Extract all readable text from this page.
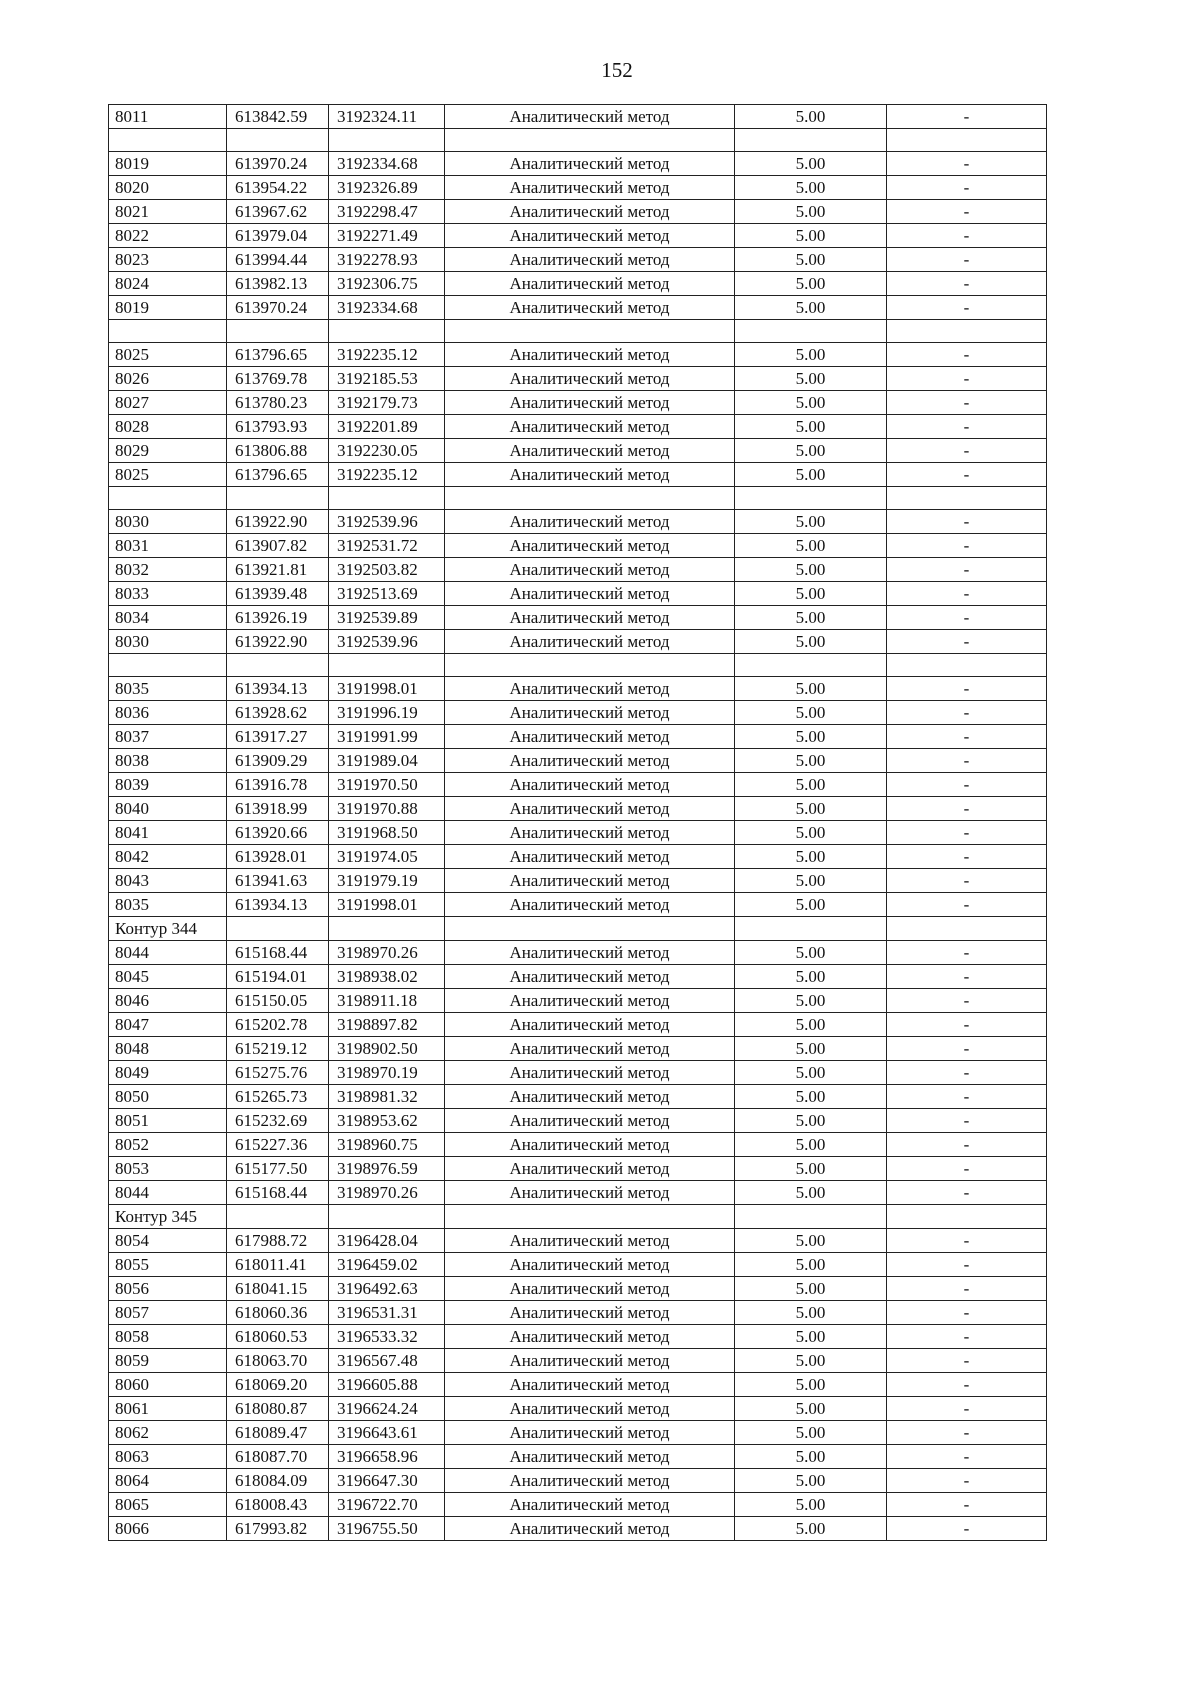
152
8011	613842.59	3192324.11	Аналитический метод	5.00	-

8019	613970.24	3192334.68	Аналитический метод	5.00	-
8020	613954.22	3192326.89	Аналитический метод	5.00	-
8021	613967.62	3192298.47	Аналитический метод	5.00	-
8022	613979.04	3192271.49	Аналитический метод	5.00	-
8023	613994.44	3192278.93	Аналитический метод	5.00	-
8024	613982.13	3192306.75	Аналитический метод	5.00	-
8019	613970.24	3192334.68	Аналитический метод	5.00	-

8025	613796.65	3192235.12	Аналитический метод	5.00	-
8026	613769.78	3192185.53	Аналитический метод	5.00	-
8027	613780.23	3192179.73	Аналитический метод	5.00	-
8028	613793.93	3192201.89	Аналитический метод	5.00	-
8029	613806.88	3192230.05	Аналитический метод	5.00	-
8025	613796.65	3192235.12	Аналитический метод	5.00	-

8030	613922.90	3192539.96	Аналитический метод	5.00	-
8031	613907.82	3192531.72	Аналитический метод	5.00	-
8032	613921.81	3192503.82	Аналитический метод	5.00	-
8033	613939.48	3192513.69	Аналитический метод	5.00	-
8034	613926.19	3192539.89	Аналитический метод	5.00	-
8030	613922.90	3192539.96	Аналитический метод	5.00	-

8035	613934.13	3191998.01	Аналитический метод	5.00	-
8036	613928.62	3191996.19	Аналитический метод	5.00	-
8037	613917.27	3191991.99	Аналитический метод	5.00	-
8038	613909.29	3191989.04	Аналитический метод	5.00	-
8039	613916.78	3191970.50	Аналитический метод	5.00	-
8040	613918.99	3191970.88	Аналитический метод	5.00	-
8041	613920.66	3191968.50	Аналитический метод	5.00	-
8042	613928.01	3191974.05	Аналитический метод	5.00	-
8043	613941.63	3191979.19	Аналитический метод	5.00	-
8035	613934.13	3191998.01	Аналитический метод	5.00	-
Контур 344					
8044	615168.44	3198970.26	Аналитический метод	5.00	-
8045	615194.01	3198938.02	Аналитический метод	5.00	-
8046	615150.05	3198911.18	Аналитический метод	5.00	-
8047	615202.78	3198897.82	Аналитический метод	5.00	-
8048	615219.12	3198902.50	Аналитический метод	5.00	-
8049	615275.76	3198970.19	Аналитический метод	5.00	-
8050	615265.73	3198981.32	Аналитический метод	5.00	-
8051	615232.69	3198953.62	Аналитический метод	5.00	-
8052	615227.36	3198960.75	Аналитический метод	5.00	-
8053	615177.50	3198976.59	Аналитический метод	5.00	-
8044	615168.44	3198970.26	Аналитический метод	5.00	-
Контур 345					
8054	617988.72	3196428.04	Аналитический метод	5.00	-
8055	618011.41	3196459.02	Аналитический метод	5.00	-
8056	618041.15	3196492.63	Аналитический метод	5.00	-
8057	618060.36	3196531.31	Аналитический метод	5.00	-
8058	618060.53	3196533.32	Аналитический метод	5.00	-
8059	618063.70	3196567.48	Аналитический метод	5.00	-
8060	618069.20	3196605.88	Аналитический метод	5.00	-
8061	618080.87	3196624.24	Аналитический метод	5.00	-
8062	618089.47	3196643.61	Аналитический метод	5.00	-
8063	618087.70	3196658.96	Аналитический метод	5.00	-
8064	618084.09	3196647.30	Аналитический метод	5.00	-
8065	618008.43	3196722.70	Аналитический метод	5.00	-
8066	617993.82	3196755.50	Аналитический метод	5.00	-
